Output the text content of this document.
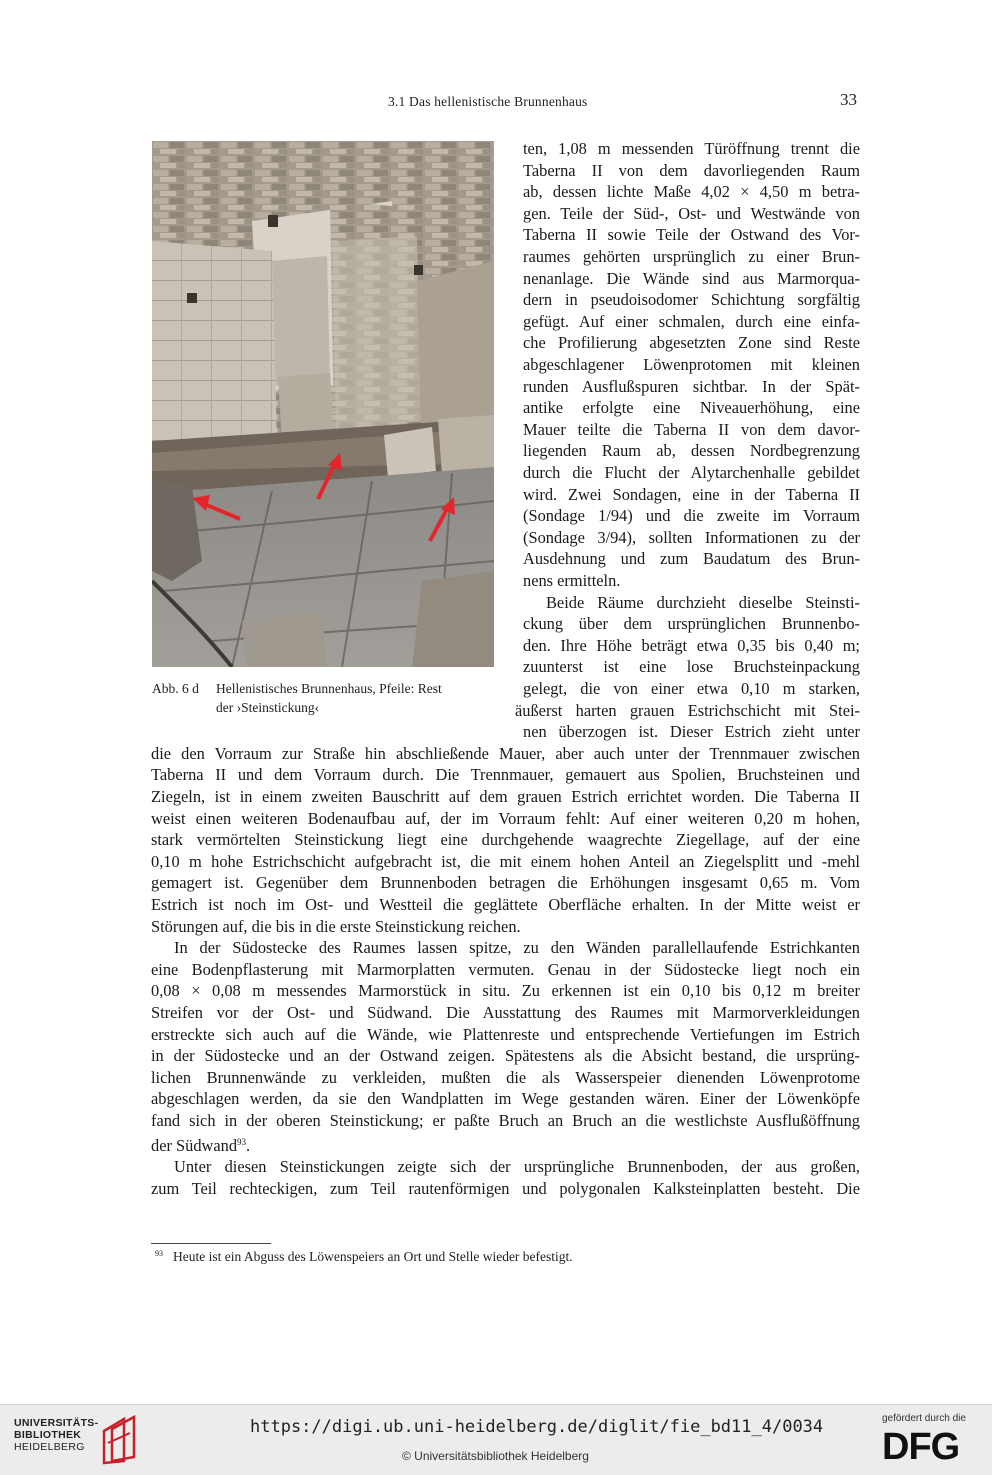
3.1 Das hellenistische Brunnenhaus	33
Abb. 6 d Hellenistisches Brunnenhaus, Pfeile: Rest
der ›Steinstickung‹
ten, 1,08 m messenden Türöffnung trennt die
Taberna II von dem davorliegenden Raum
ab, dessen lichte Maße 4,02 × 4,50 m betra-
gen. Teile der Süd-, Ost- und Westwände von
Taberna II sowie Teile der Ostwand des Vor-
raumes gehörten ursprünglich zu einer Brun-
nenanlage. Die Wände sind aus Marmorqua-
dern in pseudoisodomer Schichtung sorgfältig
gefügt. Auf einer schmalen, durch eine einfa-
che Profilierung abgesetzten Zone sind Reste
abgeschlagener Löwenprotomen mit kleinen
runden Ausflußspuren sichtbar. In der Spät-
antike erfolgte eine Niveauerhöhung, eine
Mauer teilte die Taberna II von dem davor-
liegenden Raum ab, dessen Nordbegrenzung
durch die Flucht der Alytarchenhalle gebildet
wird. Zwei Sondagen, eine in der Taberna II
(Sondage 1/94) und die zweite im Vorraum
(Sondage 3/94), sollten Informationen zu der
Ausdehnung und zum Baudatum des Brun-
nens ermitteln.
Beide Räume durchzieht dieselbe Steinsti-
ckung über dem ursprünglichen Brunnenbo-
den. Ihre Höhe beträgt etwa 0,35 bis 0,40 m;
zuunterst ist eine lose Bruchsteinpackung
gelegt, die von einer etwa 0,10 m starken,
äußerst harten grauen Estrichschicht mit Stei-
nen überzogen ist. Dieser Estrich zieht unter
die den Vorraum zur Straße hin abschließende Mauer, aber auch unter der Trennmauer zwischen
Taberna II und dem Vorraum durch. Die Trennmauer, gemauert aus Spolien, Bruchsteinen und
Ziegeln, ist in einem zweiten Bauschritt auf dem grauen Estrich errichtet worden. Die Taberna II
weist einen weiteren Bodenaufbau auf, der im Vorraum fehlt: Auf einer weiteren 0,20 m hohen,
stark vermörtelten Steinstickung liegt eine durchgehende waagrechte Ziegellage, auf der eine
0,10 m hohe Estrichschicht aufgebracht ist, die mit einem hohen Anteil an Ziegelsplitt und -mehl
gemagert ist. Gegenüber dem Brunnenboden betragen die Erhöhungen insgesamt 0,65 m. Vom
Estrich ist noch im Ost- und Westteil die geglättete Oberfläche erhalten. In der Mitte weist er
Störungen auf, die bis in die erste Steinstickung reichen.
In der Südostecke des Raumes lassen spitze, zu den Wänden parallellaufende Estrichkanten
eine Bodenpflasterung mit Marmorplatten vermuten. Genau in der Südostecke liegt noch ein
0,08 × 0,08 m messendes Marmorstück in situ. Zu erkennen ist ein 0,10 bis 0,12 m breiter
Streifen vor der Ost- und Südwand. Die Ausstattung des Raumes mit Marmorverkleidungen
erstreckte sich auch auf die Wände, wie Plattenreste und entsprechende Vertiefungen im Estrich
in der Südostecke und an der Ostwand zeigen. Spätestens als die Absicht bestand, die ursprüng-
lichen Brunnenwände zu verkleiden, mußten die als Wasserspeier dienenden Löwenprotome
abgeschlagen werden, da sie den Wandplatten im Wege gestanden wären. Einer der Löwenköpfe
fand sich in der oberen Steinstickung; er paßte Bruch an Bruch an die westlichste Ausflußöffnung
der Südwand$^{93}$.
Unter diesen Steinstickungen zeigte sich der ursprüngliche Brunnenboden, der aus großen,
zum Teil rechteckigen, zum Teil rautenförmigen und polygonalen Kalksteinplatten besteht. Die
$^{93}$ Heute ist ein Abguss des Löwenspeiers an Ort und Stelle wieder befestigt.
UNIVERSITÄTS-
BIBLIOTHEK
HEIDELBERG
https://digi.ub.uni-heidelberg.de/diglit/fie_bd11_4/0034
© Universitätsbibliothek Heidelberg
gefördert durch die
DFG
